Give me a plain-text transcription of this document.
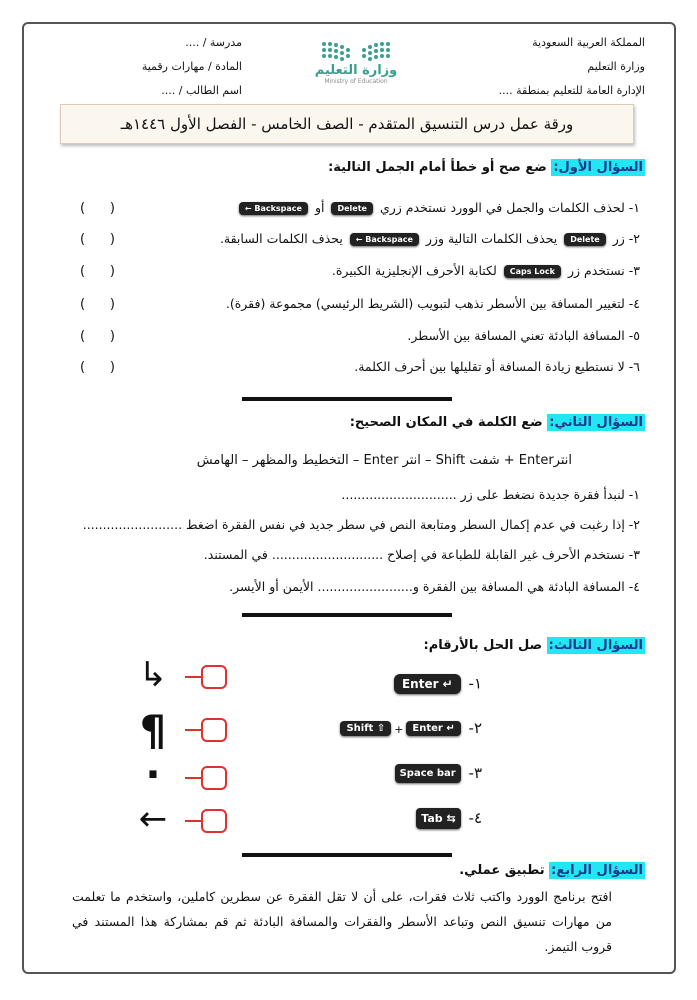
المملكة العربية السعودية
وزارة التعليم
الإدارة العامة للتعليم بمنطقة ....
مدرسة / ....
المادة / مهارات رقمية
اسم الطالب / ....
وزارة التعليم
Ministry of Education
ورقة عمل درس التنسيق المتقدم - الصف الخامس - الفصل الأول ١٤٤٦هـ
السؤال الأول: ضع صح أو خطأ أمام الجمل التالية:
١- لحذف الكلمات والجمل في الوورد نستخدم زري Delete أو ← Backspace
٢- زر Delete يحذف الكلمات التالية وزر ← Backspace يحذف الكلمات السابقة.
٣- نستخدم زر Caps Lock لكتابة الأحرف الإنجليزية الكبيرة.
٤- لتغيير المسافة بين الأسطر نذهب لتبويب (الشريط الرئيسي) مجموعة (فقرة).
٥- المسافة البادئة تعني المسافة بين الأسطر.
٦- لا نستطيع زيادة المسافة أو تقليلها بين أحرف الكلمة.
(      )
(      )
(      )
(      )
(      )
(      )
السؤال الثاني: ضع الكلمة في المكان الصحيح:
انترEnter + شفت Shift – انتر Enter – التخطيط والمظهر – الهامش
١- لنبدأ فقرة جديدة نضغط على زر .............................
٢- إذا رغبت في عدم إكمال السطر ومتابعة النص في سطر جديد في نفس الفقرة اضغط .........................
٣- نستخدم الأحرف غير القابلة للطباعة في إصلاح ............................ في المستند.
٤- المسافة البادئة هي المسافة بين الفقرة و........................ الأيمن أو الأيسر.
السؤال الثالث: صل الحل بالأرقام:
١- Enter ↵
٢- Enter ↵+Shift ⇧
٣- Space bar
٤- Tab ⇆
↳
¶
·
←
السؤال الرابع: تطبيق عملي.
افتح برنامج الوورد واكتب ثلاث فقرات، على أن لا تقل الفقرة عن سطرين كاملين، واستخدم ما تعلمت من مهارات تنسيق النص وتباعد الأسطر والفقرات والمسافة البادئة ثم قم بمشاركة هذا المستند في قروب التيمز.
